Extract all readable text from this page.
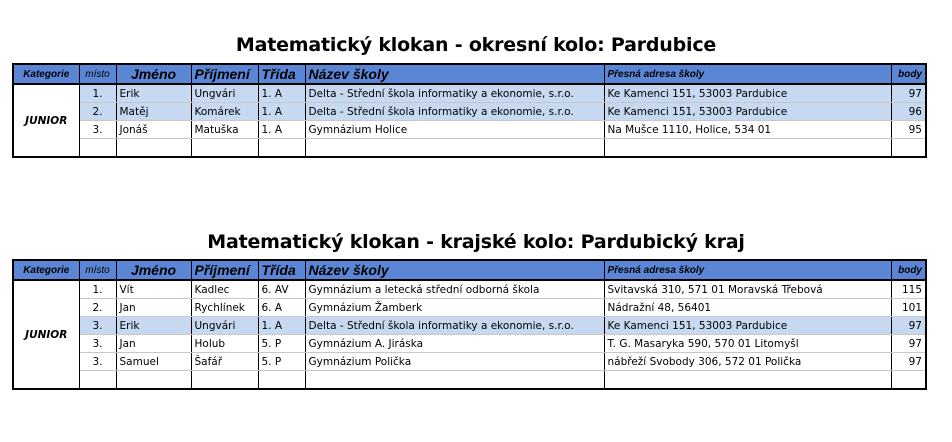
Matematický klokan - okresní kolo: Pardubice
Kategorie	místo	Jméno	Příjmení	Třída	Název školy	Přesná adresa školy	body
JUNIOR	1.	Erik	Ungvári	1. A	Delta - Střední škola informatiky a ekonomie, s.r.o.	Ke Kamenci 151, 53003 Pardubice	97
	2.	Matěj	Komárek	1. A	Delta - Střední škola informatiky a ekonomie, s.r.o.	Ke Kamenci 151, 53003 Pardubice	96
	3.	Jonáš	Matuška	1. A	Gymnázium Holice	Na Mušce 1110, Holice, 534 01	95

Matematický klokan - krajské kolo: Pardubický kraj
Kategorie	místo	Jméno	Příjmení	Třída	Název školy	Přesná adresa školy	body
JUNIOR	1.	Vít	Kadlec	6. AV	Gymnázium a letecká střední odborná škola	Svitavská 310, 571 01 Moravská Třebová	115
	2.	Jan	Rychlínek	6. A	Gymnázium Žamberk	Nádražní 48, 56401	101
	3.	Erik	Ungvári	1. A	Delta - Střední škola informatiky a ekonomie, s.r.o.	Ke Kamenci 151, 53003 Pardubice	97
	3.	Jan	Holub	5. P	Gymnázium A. Jiráska	T. G. Masaryka 590, 570 01 Litomyšl	97
	3.	Samuel	Šafář	5. P	Gymnázium Polička	nábřeží Svobody 306, 572 01 Polička	97
